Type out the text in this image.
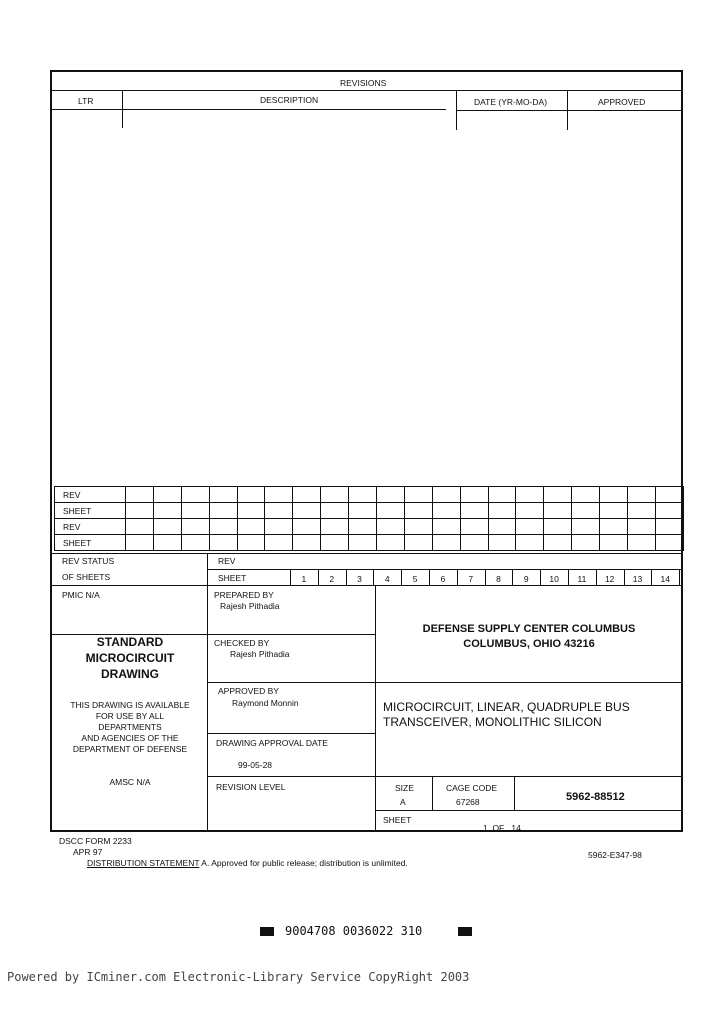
REVISIONS
LTR	DESCRIPTION	DATE (YR-MO-DA)	APPROVED
REV																				
SHEET																				
REV																				
SHEET																				
REV STATUS
OF SHEETS
REV
SHEET	1	2	3	4	5	6	7	8	9	10	11	12	13	14
PMIC N/A
STANDARD
MICROCIRCUIT
DRAWING
THIS DRAWING IS AVAILABLE
FOR USE BY ALL
DEPARTMENTS
AND AGENCIES OF THE
DEPARTMENT OF DEFENSE
AMSC N/A
PREPARED BY
Rajesh Pithadia
CHECKED BY
Rajesh Pithadia
APPROVED BY
Raymond Monnin
DRAWING APPROVAL DATE
99-05-28
REVISION LEVEL
DEFENSE SUPPLY CENTER COLUMBUS
COLUMBUS, OHIO 43216
MICROCIRCUIT, LINEAR, QUADRUPLE BUS
TRANSCEIVER, MONOLITHIC SILICON
SIZE
A
CAGE CODE
67268	5962-88512
SHEET
1  OF   14
DSCC FORM 2233
APR 97
DISTRIBUTION STATEMENT A. Approved for public release; distribution is unlimited.
5962-E347-98
9004708 0036022 310
Powered by ICminer.com Electronic-Library Service CopyRight 2003
